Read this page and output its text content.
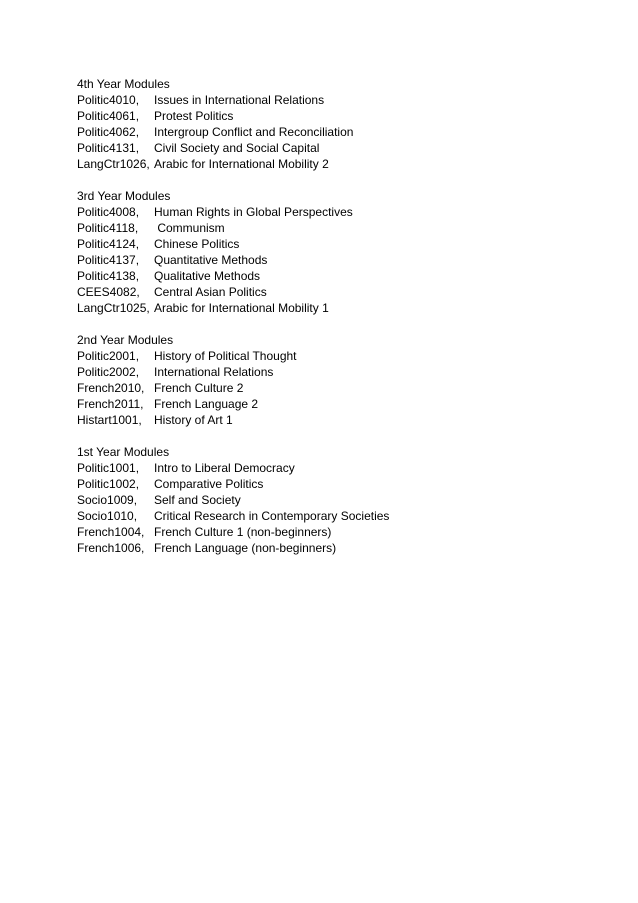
4th Year Modules

Politic4010,

Issues in International Relations

Politic4061,

Protest Politics

Politic4062,

Intergroup Conflict and Reconciliation

Politic4131,

Civil Society and Social Capital

LangCtr1026,

Arabic for International Mobility 2

3rd Year Modules

Politic4008,

Human Rights in Global Perspectives

Politic4118,

Communism

Politic4124,

Chinese Politics

Politic4137,

Quantitative Methods

Politic4138,

Qualitative Methods

CEES4082,

Central Asian Politics

LangCtr1025,

Arabic for International Mobility 1

2nd Year Modules

Politic2001,

History of Political Thought

Politic2002,

International Relations

French2010,

French Culture 2

French2011,

French Language 2

Histart1001,

History of Art 1

1st Year Modules

Politic1001,

Intro to Liberal Democracy

Politic1002,

Comparative Politics

Socio1009,

Self and Society

Socio1010,

Critical Research in Contemporary Societies

French1004,

French Culture 1 (non-beginners)

French1006,

French Language (non-beginners)
